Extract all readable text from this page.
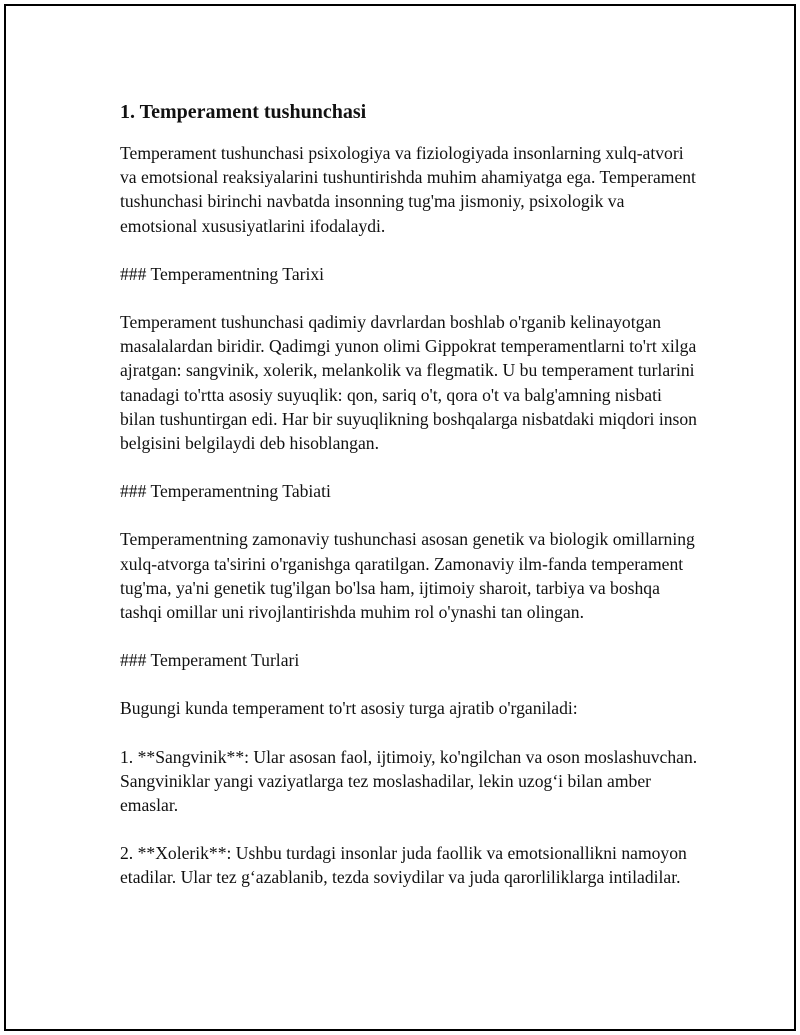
1. Temperament tushunchasi

Temperament tushunchasi psixologiya va fiziologiyada insonlarning xulq-atvori va emotsional reaksiyalarini tushuntirishda muhim ahamiyatga ega. Temperament tushunchasi birinchi navbatda insonning tug'ma jismoniy, psixologik va emotsional xususiyatlarini ifodalaydi.

### Temperamentning Tarixi

Temperament tushunchasi qadimiy davrlardan boshlab o'rganib kelinayotgan masalalardan biridir. Qadimgi yunon olimi Gippokrat temperamentlarni to'rt xilga ajratgan: sangvinik, xolerik, melankolik va flegmatik. U bu temperament turlarini tanadagi to'rtta asosiy suyuqlik: qon, sariq o't, qora o't va balg'amning nisbati bilan tushuntirgan edi. Har bir suyuqlikning boshqalarga nisbatdaki miqdori inson belgisini belgilaydi deb hisoblangan.

### Temperamentning Tabiati

Temperamentning zamonaviy tushunchasi asosan genetik va biologik omillarning xulq-atvorga ta'sirini o'rganishga qaratilgan. Zamonaviy ilm-fanda temperament tug'ma, ya'ni genetik tug'ilgan bo'lsa ham, ijtimoiy sharoit, tarbiya va boshqa tashqi omillar uni rivojlantirishda muhim rol o'ynashi tan olingan.

### Temperament Turlari

Bugungi kunda temperament to'rt asosiy turga ajratib o'rganiladi:

1. **Sangvinik**: Ular asosan faol, ijtimoiy, ko'ngilchan va oson moslashuvchan. Sangviniklar yangi vaziyatlarga tez moslashadilar, lekin uzog‘i bilan amber emaslar.

2. **Xolerik**: Ushbu turdagi insonlar juda faollik va emotsionallikni namoyon etadilar. Ular tez g‘azablanib, tezda soviydilar va juda qarorliliklarga intiladilar.
